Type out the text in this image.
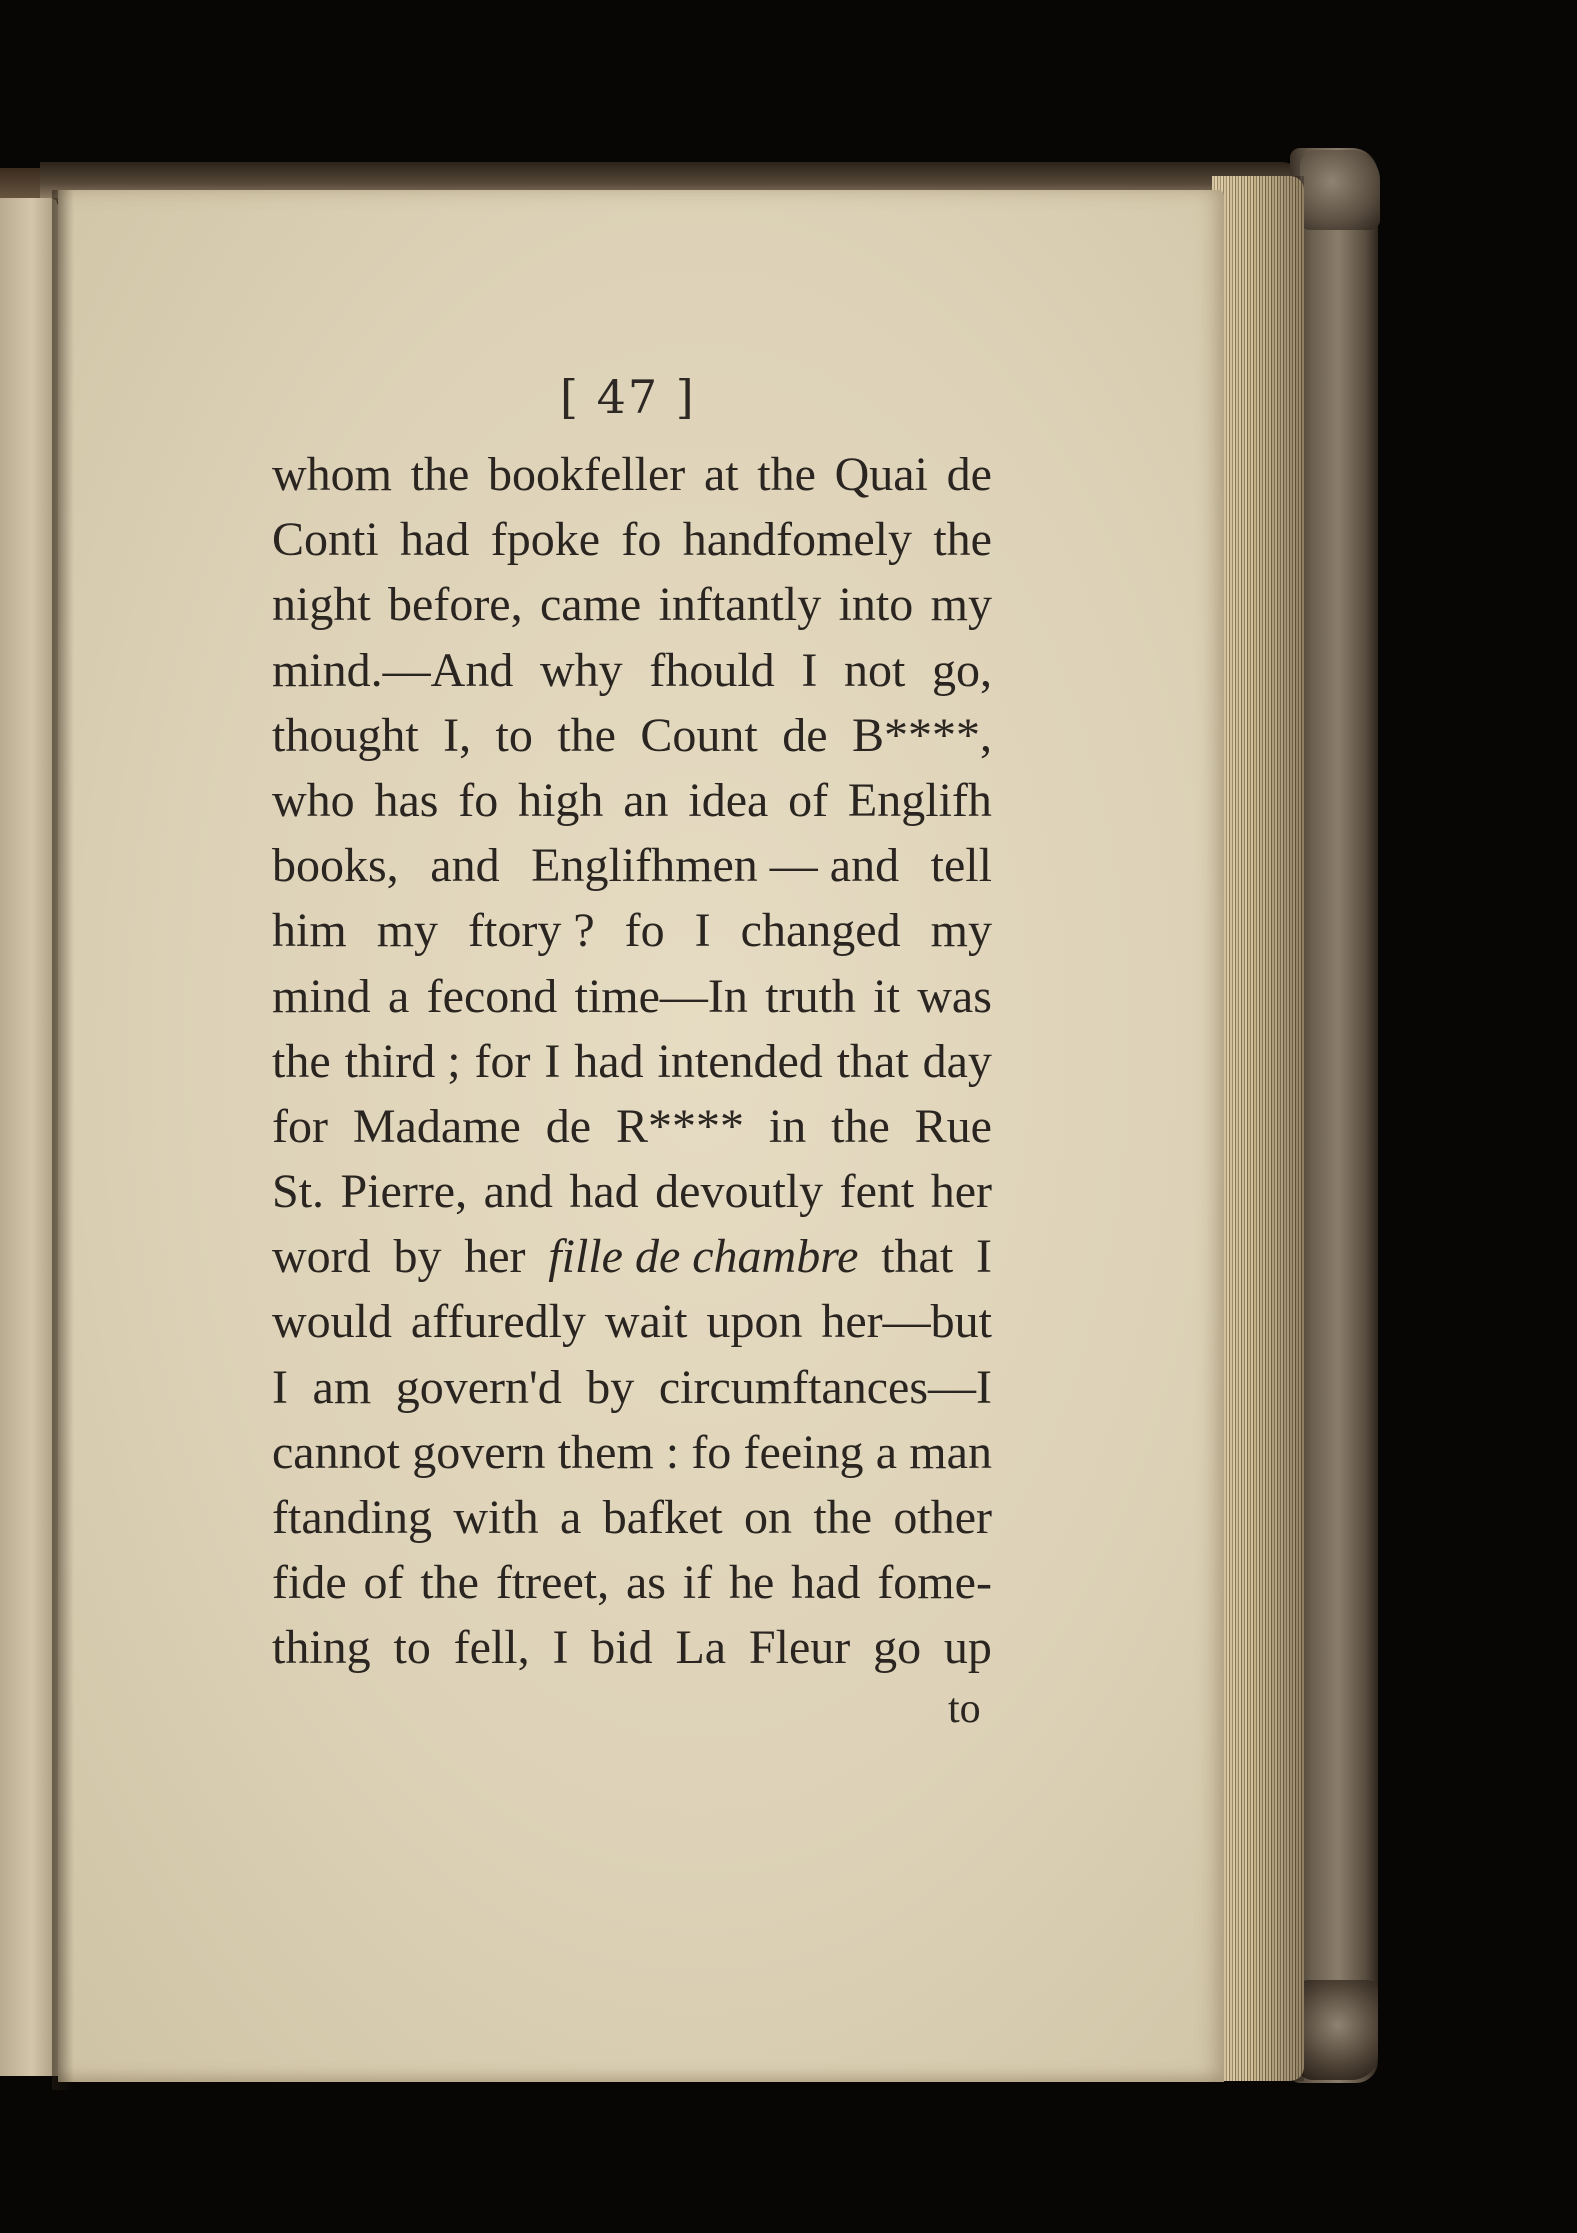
[ 47 ]
whom the bookfeller at the Quai de
Conti had fpoke fo handfomely the
night before, came inftantly into my
mind.—And why fhould I not go,
thought I, to the Count de B****,
who has fo high an idea of Englifh
books, and Englifhmen — and tell
him my ftory ? fo I changed my
mind a fecond time—In truth it was
the third ; for I had intended that day
for Madame de R**** in the Rue
St. Pierre, and had devoutly fent her
word by her fille de chambre that I
would affuredly wait upon her—but
I am govern'd by circumftances—I
cannot govern them : fo feeing a man
ftanding with a bafket on the other
fide of the ftreet, as if he had fome-
thing to fell, I bid La Fleur go up
to
